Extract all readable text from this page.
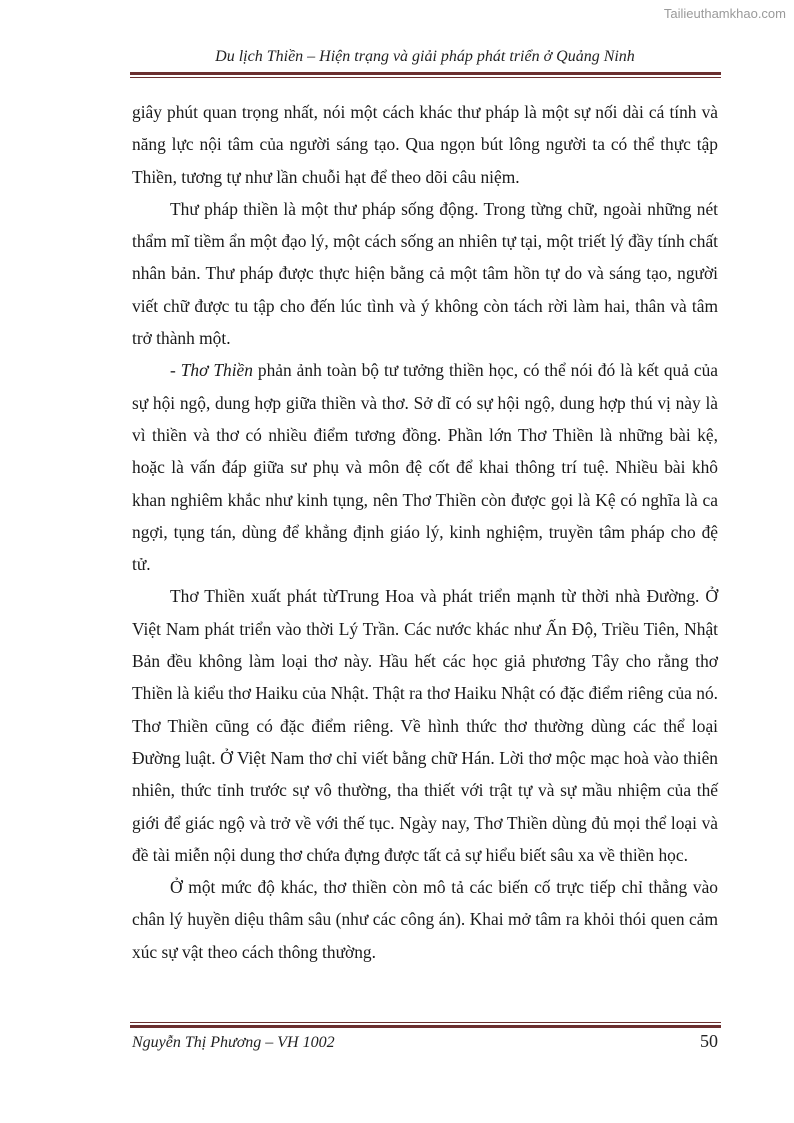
Tailieuthamkhao.com
Du lịch Thiền – Hiện trạng và giải pháp phát triển ở Quảng Ninh

giây phút quan trọng nhất, nói một cách khác thư pháp là một sự nối dài cá tính và năng lực nội tâm của người sáng tạo. Qua ngọn bút lông người ta có thể thực tập Thiền, tương tự như lần chuỗi hạt để theo dõi câu niệm.

Thư pháp thiền là một thư pháp sống động. Trong từng chữ, ngoài những nét thẩm mĩ tiềm ẩn một đạo lý, một cách sống an nhiên tự tại, một triết lý đầy tính chất nhân bản. Thư pháp được thực hiện bằng cả một tâm hồn tự do và sáng tạo, người viết chữ được tu tập cho đến lúc tình và ý không còn tách rời làm hai, thân và tâm trở thành một.

- Thơ Thiền phản ảnh toàn bộ tư tưởng thiền học, có thể nói đó là kết quả của sự hội ngộ, dung hợp giữa thiền và thơ. Sở dĩ có sự hội ngộ, dung hợp thú vị này là vì thiền và thơ có nhiều điểm tương đồng. Phần lớn Thơ Thiền là những bài kệ, hoặc là vấn đáp giữa sư phụ và môn đệ cốt để khai thông trí tuệ. Nhiều bài khô khan nghiêm khắc như kinh tụng, nên Thơ Thiền còn được gọi là Kệ có nghĩa là ca ngợi, tụng tán, dùng để khẳng định giáo lý, kinh nghiệm, truyền tâm pháp cho đệ tử.

Thơ Thiền xuất phát từTrung Hoa và phát triển mạnh từ thời nhà Đường. Ở Việt Nam phát triển vào thời Lý Trần. Các nước khác như Ấn Độ, Triều Tiên, Nhật Bản đều không làm loại thơ này. Hầu hết các học giả phương Tây cho rằng thơ Thiền là kiểu thơ Haiku của Nhật. Thật ra thơ Haiku Nhật có đặc điểm riêng của nó. Thơ Thiền cũng có đặc điểm riêng. Về hình thức thơ thường dùng các thể loại Đường luật. Ở Việt Nam thơ chỉ viết bằng chữ Hán. Lời thơ mộc mạc hoà vào thiên nhiên, thức tỉnh trước sự vô thường, tha thiết với trật tự và sự mầu nhiệm của thế giới để giác ngộ và trở về với thế tục. Ngày nay, Thơ Thiền dùng đủ mọi thể loại và đề tài miễn nội dung thơ chứa đựng được tất cả sự hiểu biết sâu xa về thiền học.

Ở một mức độ khác, thơ thiền còn mô tả các biến cố trực tiếp chỉ thẳng vào chân lý huyền diệu thâm sâu (như các công án). Khai mở tâm ra khỏi thói quen cảm xúc sự vật theo cách thông thường.

Nguyễn Thị Phương – VH 1002	50
